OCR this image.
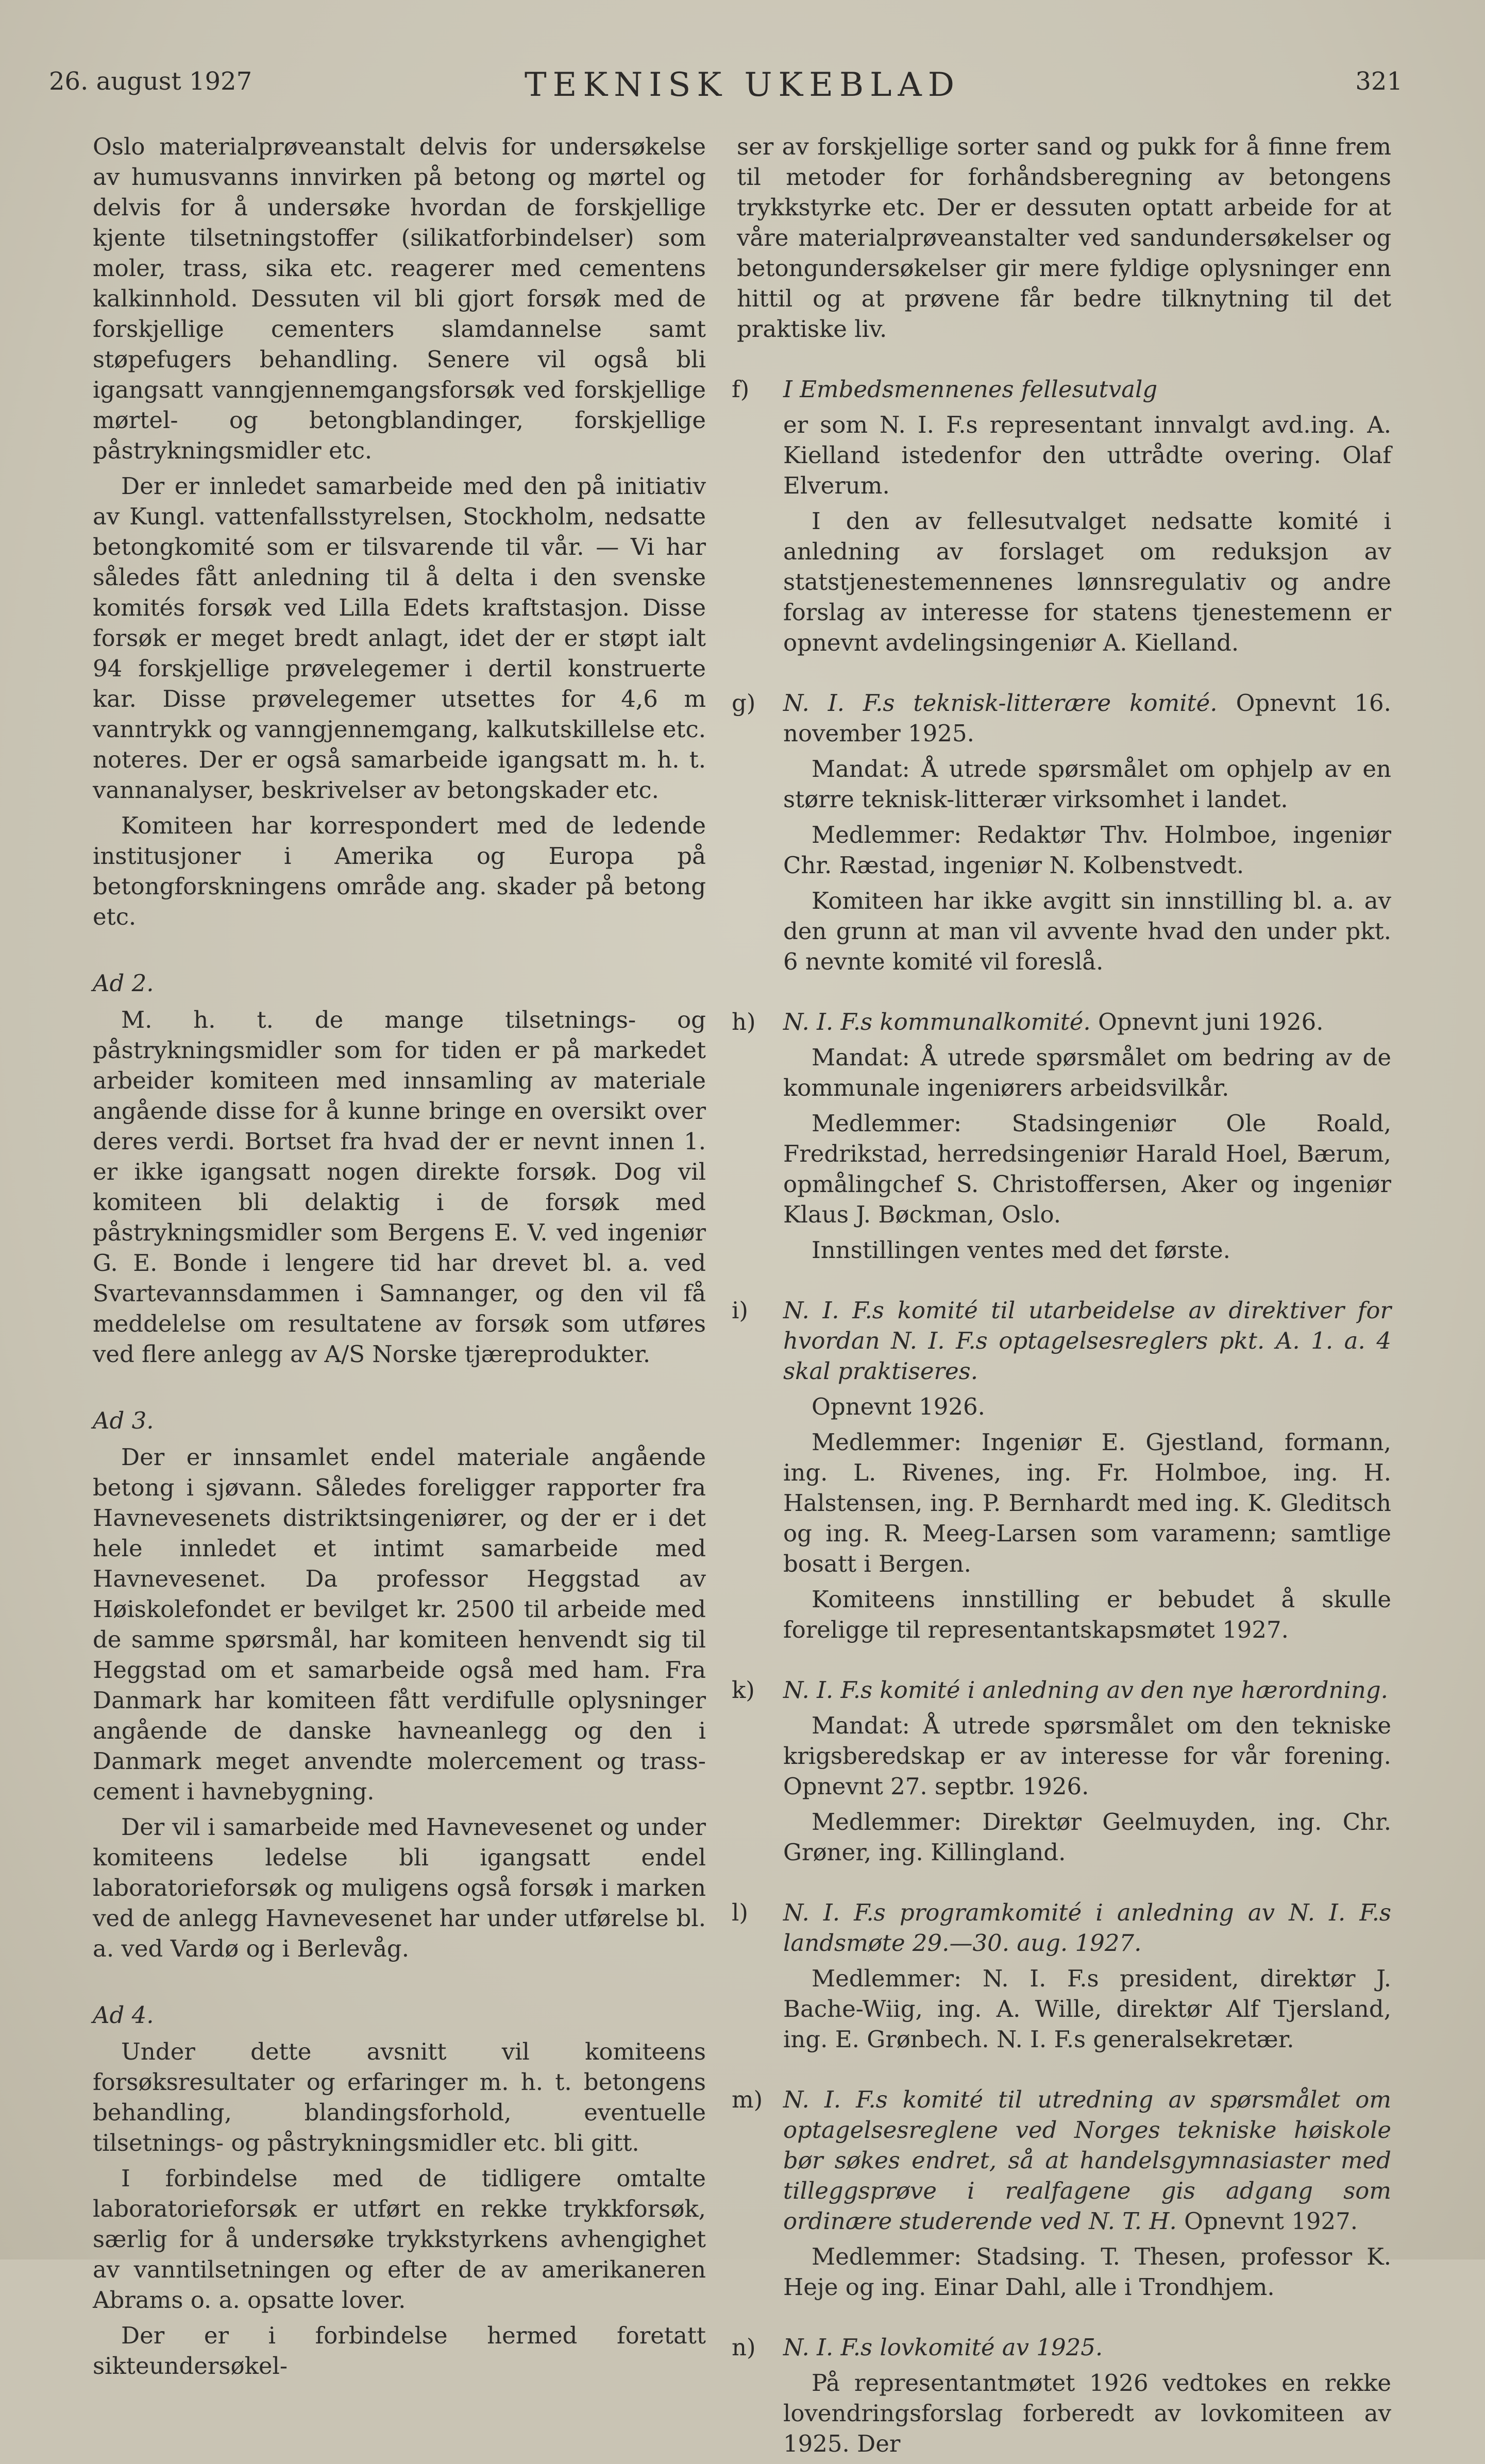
26. august 1927	TEKNISK UKEBLAD	321

Oslo materialprøveanstalt delvis for undersøkelse av humusvanns innvirken på betong og mørtel og delvis for å undersøke hvordan de forskjellige kjente tilsetningstoffer (silikatforbindelser) som moler, trass, sika etc. reagerer med cementens kalkinnhold. Dessuten vil bli gjort forsøk med de forskjellige cementers slamdannelse samt støpefugers behandling. Senere vil også bli igangsatt vanngjennemgangsforsøk ved forskjellige mørtel- og betongblandinger, forskjellige påstrykningsmidler etc.

Der er innledet samarbeide med den på initiativ av Kungl. vattenfallsstyrelsen, Stockholm, nedsatte betongkomité som er tilsvarende til vår. — Vi har således fått anledning til å delta i den svenske komités forsøk ved Lilla Edets kraftstasjon. Disse forsøk er meget bredt anlagt, idet der er støpt ialt 94 forskjellige prøvelegemer i dertil konstruerte kar. Disse prøvelegemer utsettes for 4,6 m vanntrykk og vanngjennemgang, kalkutskillelse etc. noteres. Der er også samarbeide igangsatt m. h. t. vannanalyser, beskrivelser av betongskader etc.

Komiteen har korrespondert med de ledende institusjoner i Amerika og Europa på betongforskningens område ang. skader på betong etc.

Ad 2.

M. h. t. de mange tilsetnings- og påstrykningsmidler som for tiden er på markedet arbeider komiteen med innsamling av materiale angående disse for å kunne bringe en oversikt over deres verdi. Bortset fra hvad der er nevnt innen 1. er ikke igangsatt nogen direkte forsøk. Dog vil komiteen bli delaktig i de forsøk med påstrykningsmidler som Bergens E. V. ved ingeniør G. E. Bonde i lengere tid har drevet bl. a. ved Svartevannsdammen i Samnanger, og den vil få meddelelse om resultatene av forsøk som utføres ved flere anlegg av A/S Norske tjæreprodukter.

Ad 3.

Der er innsamlet endel materiale angående betong i sjøvann. Således foreligger rapporter fra Havnevesenets distriktsingeniører, og der er i det hele innledet et intimt samarbeide med Havnevesenet. Da professor Heggstad av Høiskolefondet er bevilget kr. 2500 til arbeide med de samme spørsmål, har komiteen henvendt sig til Heggstad om et samarbeide også med ham. Fra Danmark har komiteen fått verdifulle oplysninger angående de danske havneanlegg og den i Danmark meget anvendte molercement og trass-cement i havnebygning.

Der vil i samarbeide med Havnevesenet og under komiteens ledelse bli igangsatt endel laboratorieforsøk og muligens også forsøk i marken ved de anlegg Havnevesenet har under utførelse bl. a. ved Vardø og i Berlevåg.

Ad 4.

Under dette avsnitt vil komiteens forsøksresultater og erfaringer m. h. t. betongens behandling, blandingsforhold, eventuelle tilsetnings- og påstrykningsmidler etc. bli gitt.

I forbindelse med de tidligere omtalte laboratorieforsøk er utført en rekke trykkforsøk, særlig for å undersøke trykkstyrkens avhengighet av vanntilsetningen og efter de av amerikaneren Abrams o. a. opsatte lover.

Der er i forbindelse hermed foretatt sikteundersøkel-

ser av forskjellige sorter sand og pukk for å finne frem til metoder for forhåndsberegning av betongens trykkstyrke etc. Der er dessuten optatt arbeide for at våre materialprøveanstalter ved sandundersøkelser og betongundersøkelser gir mere fyldige oplysninger enn hittil og at prøvene får bedre tilknytning til det praktiske liv.

f) I Embedsmennenes fellesutvalg

er som N. I. F.s representant innvalgt avd.ing. A. Kielland istedenfor den uttrådte overing. Olaf Elverum.

I den av fellesutvalget nedsatte komité i anledning av forslaget om reduksjon av statstjenestemennenes lønnsregulativ og andre forslag av interesse for statens tjenestemenn er opnevnt avdelingsingeniør A. Kielland.

g) N. I. F.s teknisk-litterære komité. Opnevnt 16. november 1925.

Mandat: Å utrede spørsmålet om ophjelp av en større teknisk-litterær virksomhet i landet.

Medlemmer: Redaktør Thv. Holmboe, ingeniør Chr. Ræstad, ingeniør N. Kolbenstvedt.

Komiteen har ikke avgitt sin innstilling bl. a. av den grunn at man vil avvente hvad den under pkt. 6 nevnte komité vil foreslå.

h) N. I. F.s kommunalkomité. Opnevnt juni 1926.

Mandat: Å utrede spørsmålet om bedring av de kommunale ingeniørers arbeidsvilkår.

Medlemmer: Stadsingeniør Ole Roald, Fredrikstad, herredsingeniør Harald Hoel, Bærum, opmålingchef S. Christoffersen, Aker og ingeniør Klaus J. Bøckman, Oslo.

Innstillingen ventes med det første.

i) N. I. F.s komité til utarbeidelse av direktiver for hvordan N. I. F.s optagelsesreglers pkt. A. 1. a. 4 skal praktiseres.

Opnevnt 1926.

Medlemmer: Ingeniør E. Gjestland, formann, ing. L. Rivenes, ing. Fr. Holmboe, ing. H. Halstensen, ing. P. Bernhardt med ing. K. Gleditsch og ing. R. Meeg-Larsen som varamenn; samtlige bosatt i Bergen.

Komiteens innstilling er bebudet å skulle foreligge til representantskapsmøtet 1927.

k) N. I. F.s komité i anledning av den nye hærordning.

Mandat: Å utrede spørsmålet om den tekniske krigsberedskap er av interesse for vår forening. Opnevnt 27. septbr. 1926.

Medlemmer: Direktør Geelmuyden, ing. Chr. Grøner, ing. Killingland.

l) N. I. F.s programkomité i anledning av N. I. F.s landsmøte 29.—30. aug. 1927.

Medlemmer: N. I. F.s president, direktør J. Bache-Wiig, ing. A. Wille, direktør Alf Tjersland, ing. E. Grønbech. N. I. F.s generalsekretær.

m) N. I. F.s komité til utredning av spørsmålet om optagelsesreglene ved Norges tekniske høiskole bør søkes endret, så at handelsgymnasiaster med tilleggsprøve i realfagene gis adgang som ordinære studerende ved N. T. H. Opnevnt 1927.

Medlemmer: Stadsing. T. Thesen, professor K. Heje og ing. Einar Dahl, alle i Trondhjem.

n) N. I. F.s lovkomité av 1925.

På representantmøtet 1926 vedtokes en rekke lovendringsforslag forberedt av lovkomiteen av 1925. Der
